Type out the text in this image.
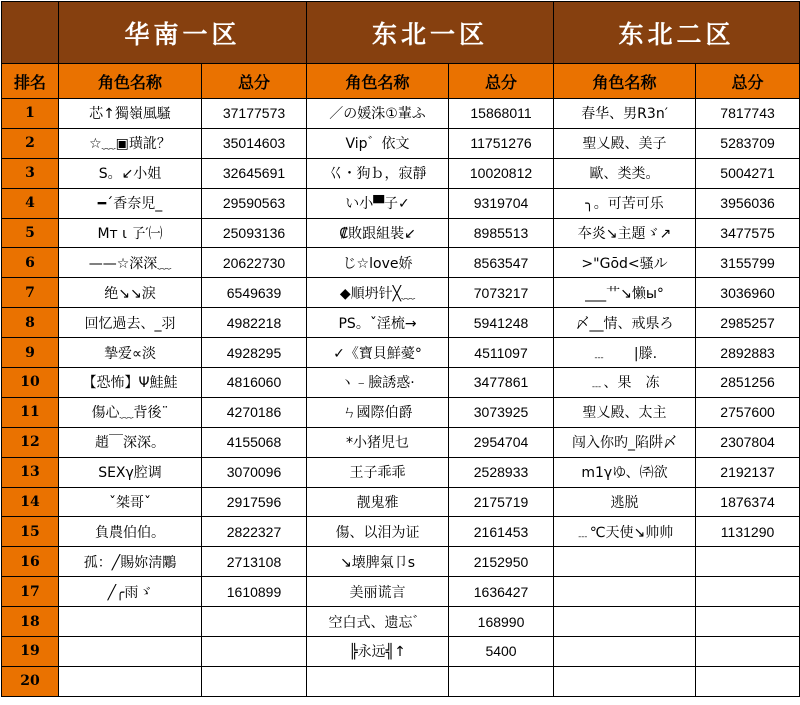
	华南一区		东北一区		东北二区	
排名	角色名称	总分	角色名称	总分	角色名称	总分
1	芯↑獨嶺風騷	37177573	／の媛洙①輩ふ	15868011	春华、男R3n′	7817743
2	☆﹏▣璜訛？	35014603	Vip゛依文	11751276	聖乂殿、美子	5283709
3	S。↙小姐	32645691	巜・狗ｂ，寂靜	10020812	歐、类类。	5004271
4	━ˊ香奈児_	29590563	い小▀子✓	9319704	╮。可苦可乐	3956036
5	Mт ι 孒′㈠	25093136	₡敗跟組裝↙	8985513	夲炎↘主題ゞ↗	3477575
6	——☆深深﹏	20622730	じ☆love娇	8563547	>"Gōd<骚ル	3155799
7	绝↘↘淚	6549639	◆順坍针╳﹏	7073217	___艹↘懒ы°	3036960
8	回忆過去、_羽	4982218	PS。ˇ淫梳→	5941248	〆__情、戒県ろ	2985257
9	摯爱∝淡	4928295	✓《寶貝鮮薆°	4511097	﹍　　|滕.	2892883
10	【恐怖】Ψ鮭鮭	4816060	ヽ﹣臉誘惑·	3477861	﹍、果　冻	2851256
11	傷心﹏背後¨	4270186	ㄣ國際伯爵	3073925	聖乂殿、太主	2757600
12	趙￣深深。	4155068	*小猪児乜	2954704	闯入你旳_陷阱〆	2307804
13	SEXγ腔调	3070096	王子乖乖	2528933	m1γゆ、㈜欲	2192137
14	ˇ桀哥ˇ	2917596	靓鬼雅	2175719	逃脱	1876374
15	負農伯伯。	2822327	傷、以泪为证	2161453	﹍℃天使↘帅帅	1131290
16	孤：╱賜妳淸鷴	2713108	↘壊脾氣卩s	2152950		
17	╱╭雨ゞ	1610899	美丽谎言	1636427		
18			空白式、遗忘゛	168990		
19			╠永远╣↑	5400		
20						
